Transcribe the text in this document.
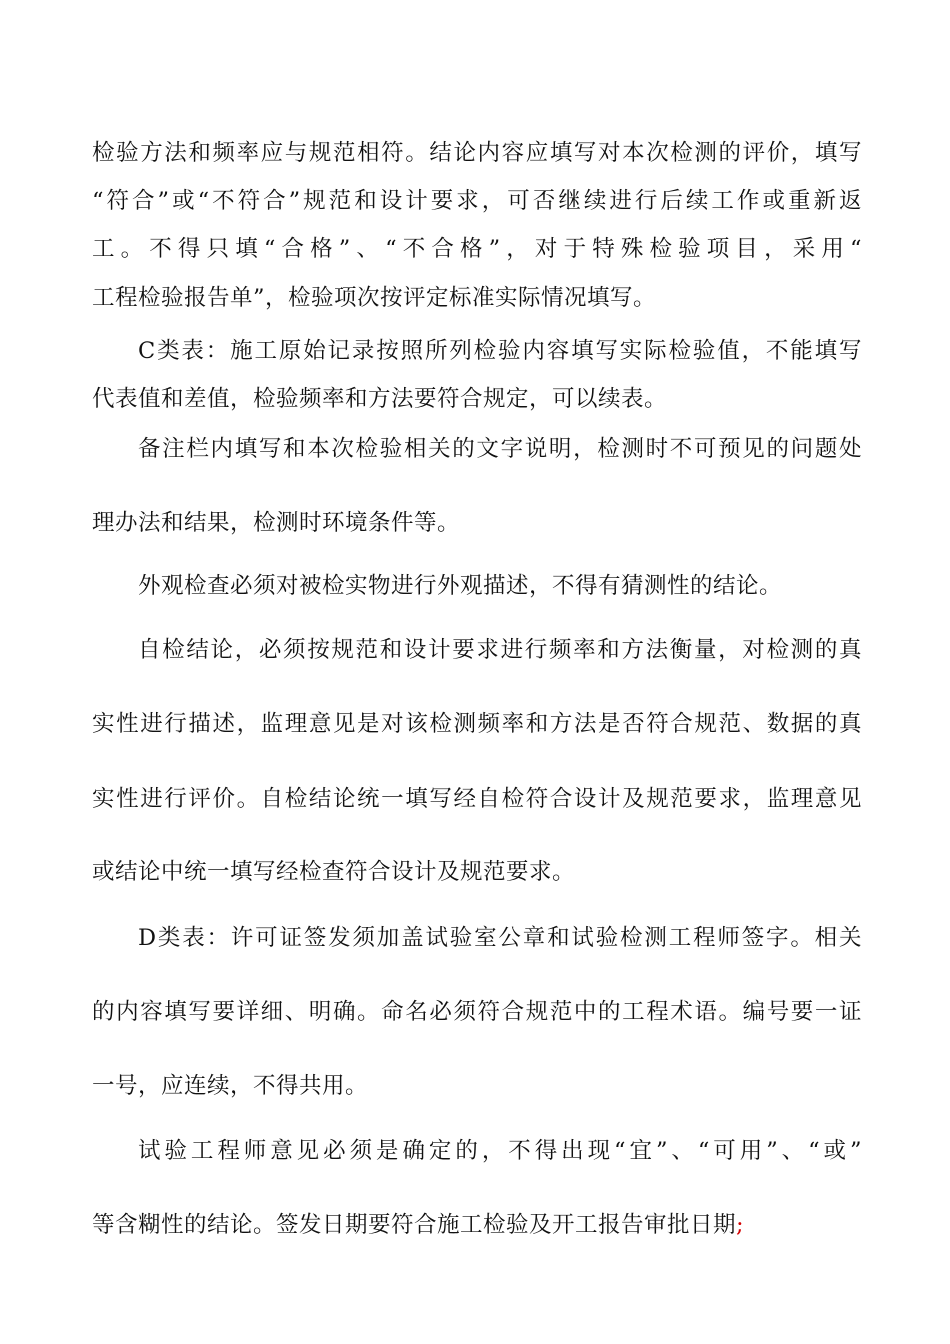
检验方法和频率应与规范相符。结论内容应填写对本次检测的评价，填写
“符合”或“不符合”规范和设计要求，可否继续进行后续工作或重新返
工。不得只填“合格”、“不合格”，对于特殊检验项目，采用“
工程检验报告单”，检验项次按评定标准实际情况填写。
C类表：施工原始记录按照所列检验内容填写实际检验值，不能填写
代表值和差值，检验频率和方法要符合规定，可以续表。
备注栏内填写和本次检验相关的文字说明，检测时不可预见的问题处
理办法和结果，检测时环境条件等。
外观检查必须对被检实物进行外观描述，不得有猜测性的结论。
自检结论，必须按规范和设计要求进行频率和方法衡量，对检测的真
实性进行描述，监理意见是对该检测频率和方法是否符合规范、数据的真
实性进行评价。自检结论统一填写经自检符合设计及规范要求，监理意见
或结论中统一填写经检查符合设计及规范要求。
D类表：许可证签发须加盖试验室公章和试验检测工程师签字。相关
的内容填写要详细、明确。命名必须符合规范中的工程术语。编号要一证
一号，应连续，不得共用。
试验工程师意见必须是确定的，不得出现“宜”、“可用”、“或”
等含糊性的结论。签发日期要符合施工检验及开工报告审批日期;
